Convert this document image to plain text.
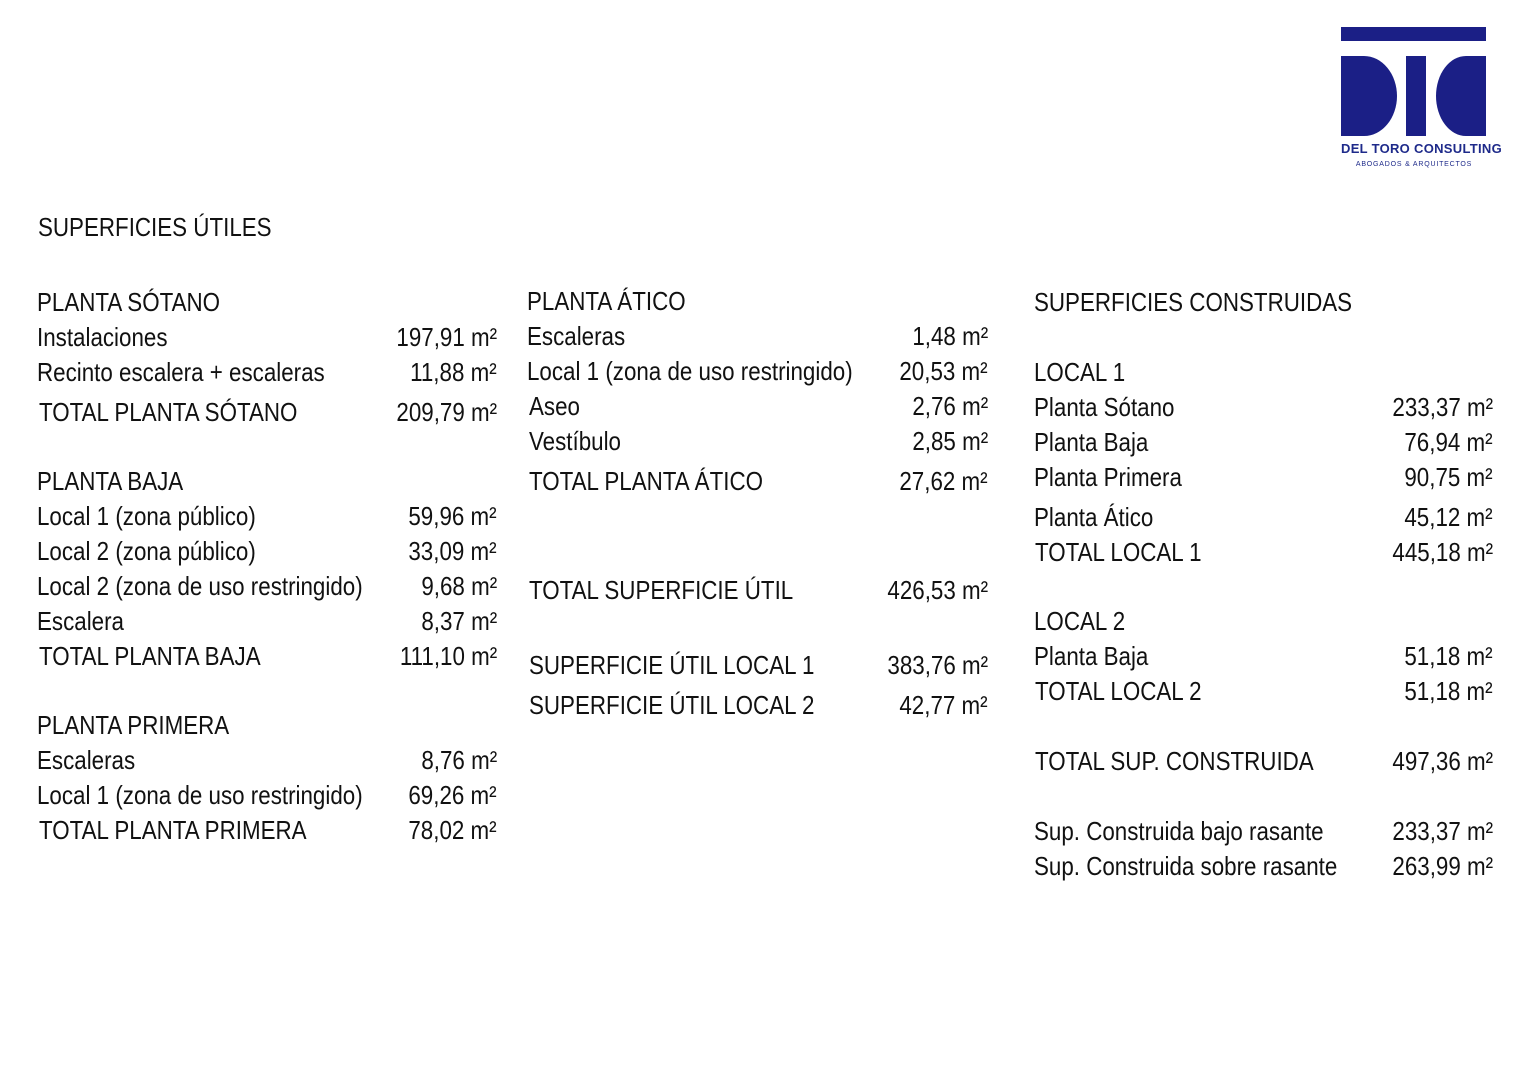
DEL TORO CONSULTING
ABOGADOS & ARQUITECTOS
SUPERFICIES ÚTILES
PLANTA SÓTANO
Instalaciones	197,91 m²
Recinto escalera + escaleras	11,88 m²
TOTAL PLANTA SÓTANO	209,79 m²
PLANTA BAJA
Local 1 (zona público)	59,96 m²
Local 2 (zona público)	33,09 m²
Local 2 (zona de uso restringido) 9,68 m²
Escalera	8,37 m²
TOTAL PLANTA BAJA	111,10 m²
PLANTA PRIMERA
Escaleras	8,76 m²
Local 1 (zona de uso restringido) 69,26 m²
TOTAL PLANTA PRIMERA	78,02 m²
PLANTA ÁTICO
Escaleras	1,48 m²
Local 1 (zona de uso restringido) 20,53 m²
Aseo	2,76 m²
Vestíbulo	2,85 m²
TOTAL PLANTA ÁTICO	27,62 m²
TOTAL SUPERFICIE ÚTIL	426,53 m²
SUPERFICIE ÚTIL LOCAL 1	383,76 m²
SUPERFICIE ÚTIL LOCAL 2	42,77 m²
SUPERFICIES CONSTRUIDAS
LOCAL 1
Planta Sótano	233,37 m²
Planta Baja	76,94 m²
Planta Primera	90,75 m²
Planta Ático	45,12 m²
TOTAL LOCAL 1	445,18 m²
LOCAL 2
Planta Baja	51,18 m²
TOTAL LOCAL 2	51,18 m²
TOTAL SUP. CONSTRUIDA	497,36 m²
Sup. Construida bajo rasante	233,37 m²
Sup. Construida sobre rasante 263,99 m²
